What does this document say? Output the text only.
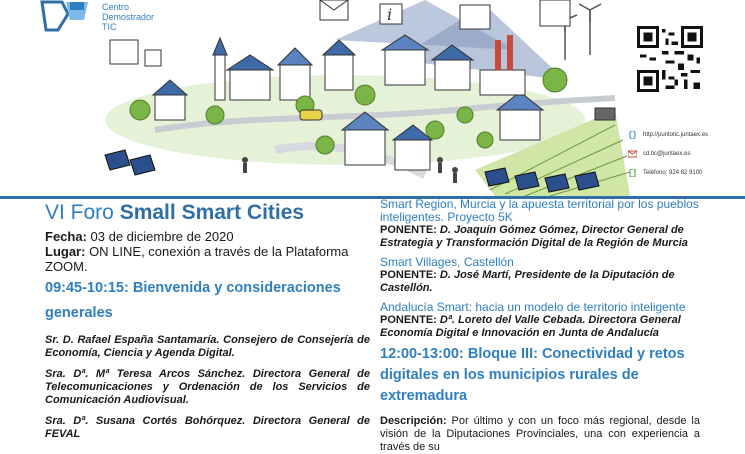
Centro
Demostrador
TIC
i
http://puntotic.juntaex.es
cd.tic@juntaex.es
Teléfono: 924 82 9100
VI Foro Small Smart Cities
Fecha: 03 de diciembre de 2020
Lugar: ON LINE, conexión a través de la Plataforma ZOOM.
09:45-10:15: Bienvenida y consideraciones generales
Sr. D. Rafael España Santamaría. Consejero de Consejería de Economía, Ciencia y Agenda Digital.
Sra. Dª. Mª Teresa Arcos Sánchez. Directora General de Telecomunicaciones y Ordenación de los Servicios de Comunicación Audiovisual.
Sra. Dª. Susana Cortés Bohórquez. Directora General de FEVAL
Smart Region, Murcia y la apuesta territorial por los pueblos inteligentes. Proyecto 5K
PONENTE: D. Joaquín Gómez Gómez, Director General de Estrategia y Transformación Digital de la Región de Murcia
Smart Villages, Castellón
PONENTE: D. José Martí, Presidente de la Diputación de Castellón.
Andalucía Smart: hacia un modelo de territorio inteligente
PONENTE: Dª. Loreto del Valle Cebada. Directora General Economía Digital e Innovación en Junta de Andalucía
12:00-13:00: Bloque III: Conectividad y retos digitales en los municipios rurales de extremadura
Descripción: Por último y con un foco más regional, desde la visión de la Diputaciones Provinciales, una con experiencia a través de su
